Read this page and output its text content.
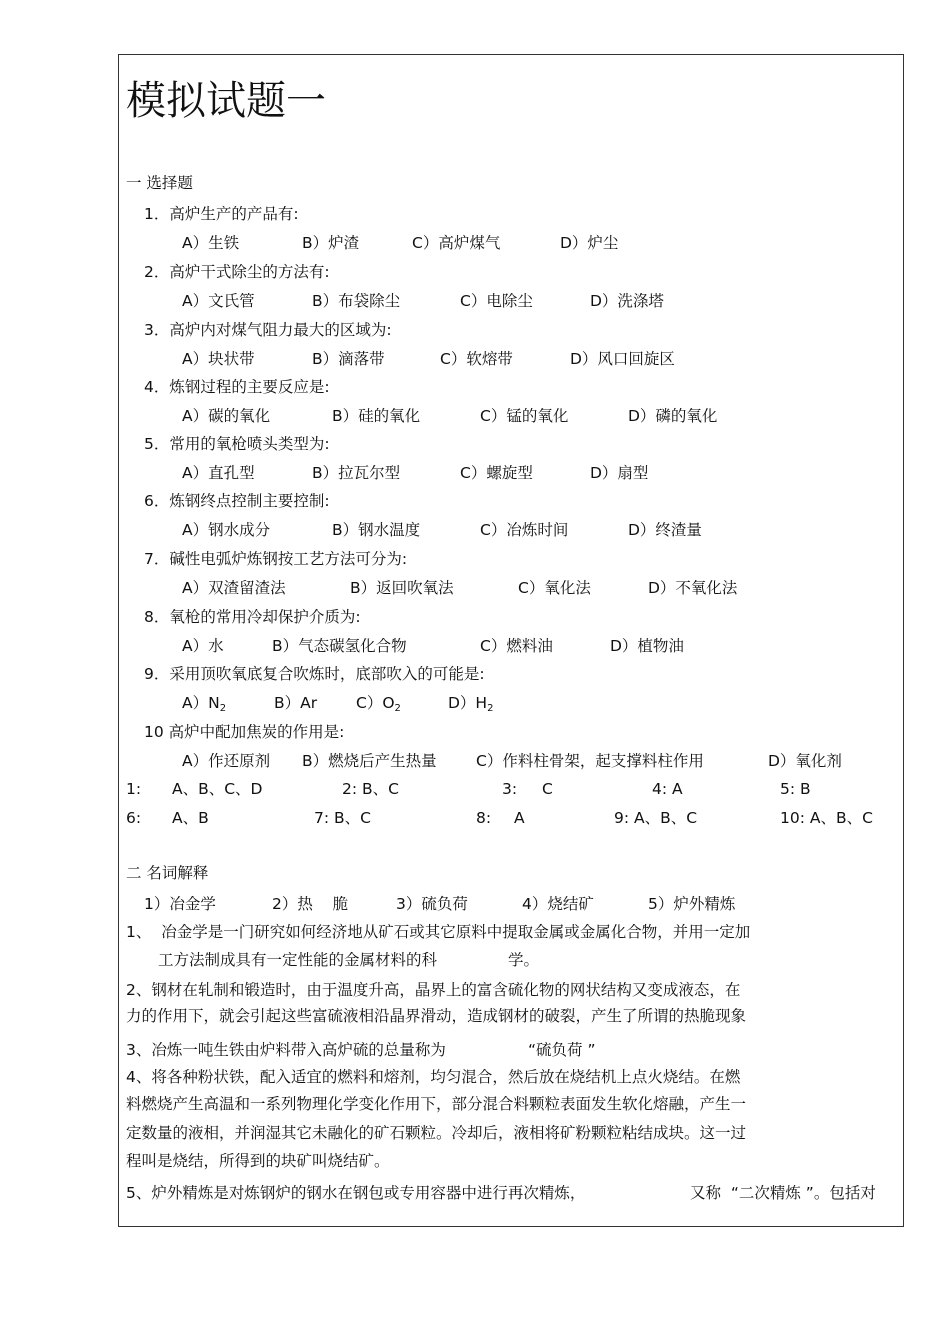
模拟试题一
一 选择题
1．高炉生产的产品有:
A）生铁	B）炉渣	C）高炉煤气	D）炉尘
2．高炉干式除尘的方法有:
A）文氏管	B）布袋除尘	C）电除尘	D）洗涤塔
3．高炉内对煤气阻力最大的区域为:
A）块状带	B）滴落带	C）软熔带	D）风口回旋区
4．炼钢过程的主要反应是:
A）碳的氧化	B）硅的氧化	C）锰的氧化	D）磷的氧化
5．常用的氧枪喷头类型为:
A）直孔型	B）拉瓦尔型	C）螺旋型	D）扇型
6．炼钢终点控制主要控制:
A）钢水成分	B）钢水温度	C）冶炼时间	D）终渣量
7．碱性电弧炉炼钢按工艺方法可分为:
A）双渣留渣法	B）返回吹氧法	C）氧化法	D）不氧化法
8．氧枪的常用冷却保护介质为:
A）水	B）气态碳氢化合物	C）燃料油	D）植物油
9．采用顶吹氧底复合吹炼时，底部吹入的可能是:
$A)N_2$	B）Ar	$C)O_2$	$D)H_2$
10 高炉中配加焦炭的作用是:
A）作还原剂 B）燃烧后产生热量	C）作料柱骨架，起支撑料柱作用	D）氧化剂
1: A、B、C、D	2: B、C	3: C	4: A	5: B
6: A、B	7: B、C	8: A	9: A、B、C	10: A、B、C
二 名词解释
1）冶金学	2）热    脆	3）硫负荷	4）烧结矿	5）炉外精炼
1、  冶金学是一门研究如何经济地从矿石或其它原料中提取金属或金属化合物，并用一定加
工方法制成具有一定性能的金属材料的科	学。
2、钢材在轧制和锻造时，由于温度升高，晶界上的富含硫化物的网状结构又变成液态，在
力的作用下，就会引起这些富硫液相沿晶界滑动，造成钢材的破裂，产生了所谓的热脆现象
3、冶炼一吨生铁由炉料带入高炉硫的总量称为	“硫负荷 ”
4、将各种粉状铁，配入适宜的燃料和熔剂，均匀混合，然后放在烧结机上点火烧结。在燃
料燃烧产生高温和一系列物理化学变化作用下，部分混合料颗粒表面发生软化熔融，产生一
定数量的液相，并润湿其它未融化的矿石颗粒。冷却后，液相将矿粉颗粒粘结成块。这一过
程叫是烧结，所得到的块矿叫烧结矿。
5、炉外精炼是对炼钢炉的钢水在钢包或专用容器中进行再次精炼，	又称  “二次精炼 ”。包括对
